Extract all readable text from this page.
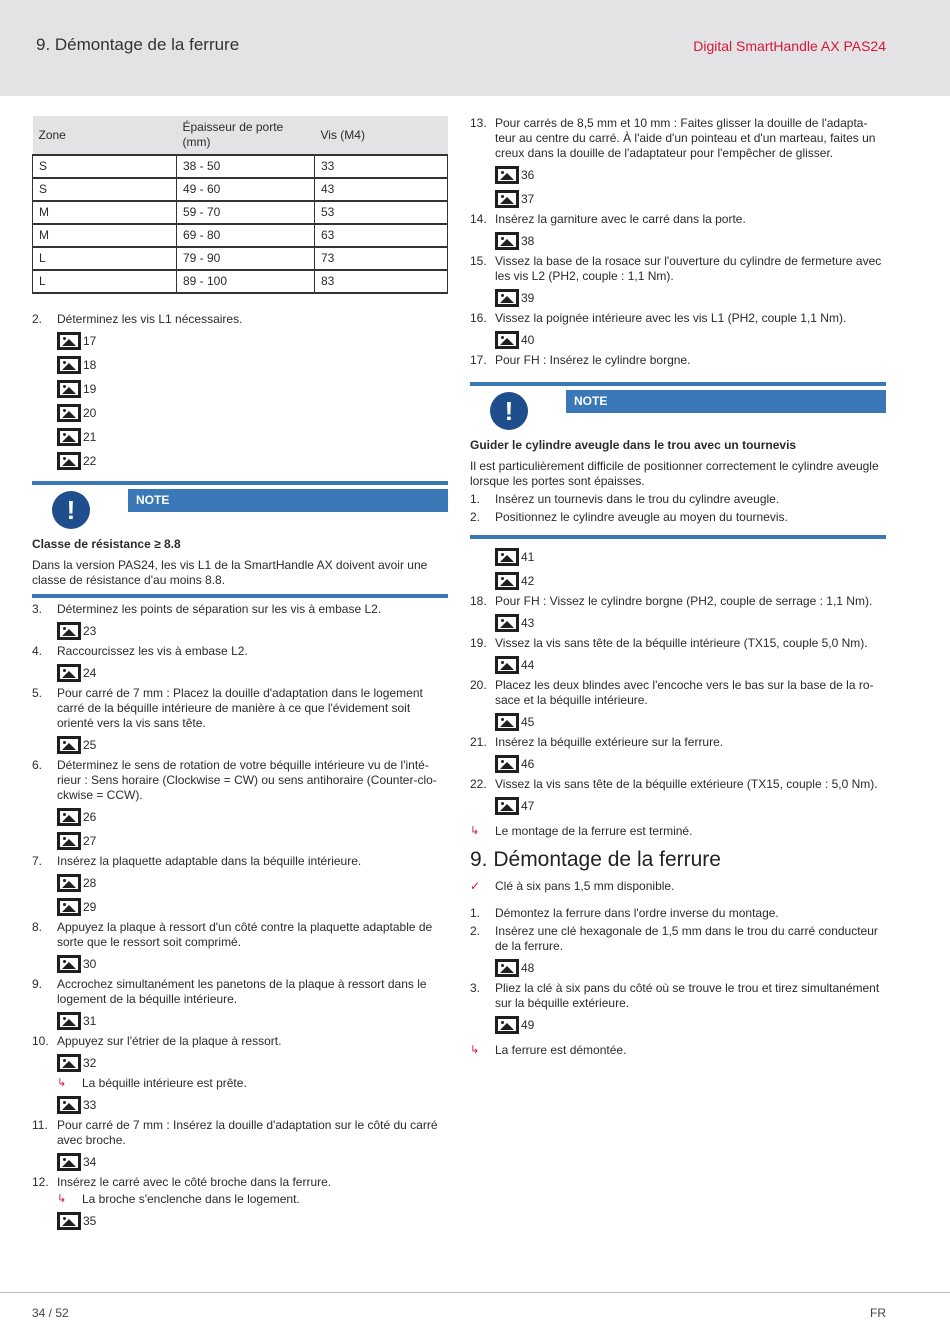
9. Démontage de la ferrure	Digital SmartHandle AX PAS24
Zone	Épaisseur de porte (mm)	Vis (M4)
S	38 - 50	33
S	49 - 60	43
M	59 - 70	53
M	69 - 80	63
L	79 - 90	73
L	89 - 100	83
2. Déterminez les vis L1 nécessaires.
17
18
19
20
21
22
!	NOTE
Classe de résistance ≥ 8.8
Dans la version PAS24, les vis L1 de la SmartHandle AX doivent avoir une classe de résistance d'au moins 8.8.
3. Déterminez les points de séparation sur les vis à embase L2.
23
4. Raccourcissez les vis à embase L2.
24
5. Pour carré de 7 mm : Placez la douille d'adaptation dans le logement carré de la béquille intérieure de manière à ce que l'évidement soit orienté vers la vis sans tête.
25
6. Déterminez le sens de rotation de votre béquille intérieure vu de l'inté-rieur : Sens horaire (Clockwise = CW) ou sens antihoraire (Counter-clo-ckwise = CCW).
26
27
7. Insérez la plaquette adaptable dans la béquille intérieure.
28
29
8. Appuyez la plaque à ressort d'un côté contre la plaquette adaptable de sorte que le ressort soit comprimé.
30
9. Accrochez simultanément les panetons de la plaque à ressort dans le logement de la béquille intérieure.
31
10. Appuyez sur l'étrier de la plaque à ressort.
32
↳ La béquille intérieure est prête.
33
11. Pour carré de 7 mm : Insérez la douille d'adaptation sur le côté du carré avec broche.
34
12. Insérez le carré avec le côté broche dans la ferrure.
↳ La broche s'enclenche dans le logement.
35
13. Pour carrés de 8,5 mm et 10 mm : Faites glisser la douille de l'adapta-teur au centre du carré. À l'aide d'un pointeau et d'un marteau, faites un creux dans la douille de l'adaptateur pour l'empêcher de glisser.
36
37
14. Insérez la garniture avec le carré dans la porte.
38
15. Vissez la base de la rosace sur l'ouverture du cylindre de fermeture avec les vis L2 (PH2, couple : 1,1 Nm).
39
16. Vissez la poignée intérieure avec les vis L1 (PH2, couple 1,1 Nm).
40
17. Pour FH : Insérez le cylindre borgne.
!	NOTE
Guider le cylindre aveugle dans le trou avec un tournevis
Il est particulièrement difficile de positionner correctement le cylindre aveugle lorsque les portes sont épaisses.
1. Insérez un tournevis dans le trou du cylindre aveugle.
2. Positionnez le cylindre aveugle au moyen du tournevis.
41
42
18. Pour FH : Vissez le cylindre borgne (PH2, couple de serrage : 1,1 Nm).
43
19. Vissez la vis sans tête de la béquille intérieure (TX15, couple 5,0 Nm).
44
20. Placez les deux blindes avec l'encoche vers le bas sur la base de la ro-sace et la béquille intérieure.
45
21. Insérez la béquille extérieure sur la ferrure.
46
22. Vissez la vis sans tête de la béquille extérieure (TX15, couple : 5,0 Nm).
47
↳ Le montage de la ferrure est terminé.
9. Démontage de la ferrure
✓ Clé à six pans 1,5 mm disponible.
1. Démontez la ferrure dans l'ordre inverse du montage.
2. Insérez une clé hexagonale de 1,5 mm dans le trou du carré conducteur de la ferrure.
48
3. Pliez la clé à six pans du côté où se trouve le trou et tirez simultanément sur la béquille extérieure.
49
↳ La ferrure est démontée.
34 / 52	FR
